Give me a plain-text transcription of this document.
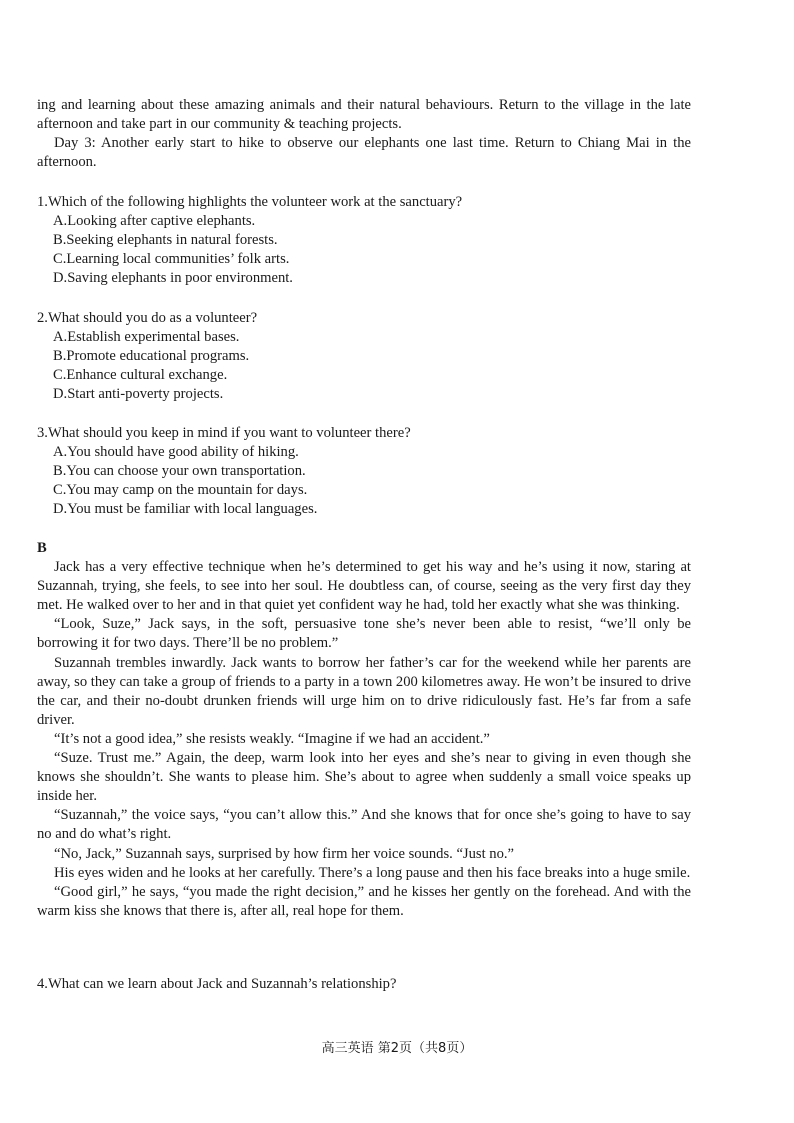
ing and learning about these amazing animals and their natural behaviours. Return to the village in the late afternoon and take part in our community & teaching projects.

Day 3: Another early start to hike to observe our elephants one last time. Return to Chiang Mai in the afternoon.

1.Which of the following highlights the volunteer work at the sanctuary?

A.Looking after captive elephants.

B.Seeking elephants in natural forests.

C.Learning local communities’ folk arts.

D.Saving elephants in poor environment.

2.What should you do as a volunteer?

A.Establish experimental bases.

B.Promote educational programs.

C.Enhance cultural exchange.

D.Start anti-poverty projects.

3.What should you keep in mind if you want to volunteer there?

A.You should have good ability of hiking.

B.You can choose your own transportation.

C.You may camp on the mountain for days.

D.You must be familiar with local languages.

B

Jack has a very effective technique when he’s determined to get his way and he’s using it now, staring at Suzannah, trying, she feels, to see into her soul. He doubtless can, of course, seeing as the very first day they met. He walked over to her and in that quiet yet confident way he had, told her exactly what she was thinking.

“Look, Suze,” Jack says, in the soft, persuasive tone she’s never been able to resist, “we’ll only be borrowing it for two days. There’ll be no problem.”

Suzannah trembles inwardly. Jack wants to borrow her father’s car for the weekend while her parents are away, so they can take a group of friends to a party in a town 200 kilometres away. He won’t be insured to drive the car, and their no-doubt drunken friends will urge him on to drive ridiculously fast. He’s far from a safe driver.

“It’s not a good idea,” she resists weakly. “Imagine if we had an accident.”

“Suze. Trust me.” Again, the deep, warm look into her eyes and she’s near to giving in even though she knows she shouldn’t. She wants to please him. She’s about to agree when suddenly a small voice speaks up inside her.

“Suzannah,” the voice says, “you can’t allow this.” And she knows that for once she’s going to have to say no and do what’s right.

“No, Jack,” Suzannah says, surprised by how firm her voice sounds. “Just no.”

His eyes widen and he looks at her carefully. There’s a long pause and then his face breaks into a huge smile.

“Good girl,” he says, “you made the right decision,” and he kisses her gently on the forehead. And with the warm kiss she knows that there is, after all, real hope for them.

4.What can we learn about Jack and Suzannah’s relationship?

高三英语 第2页（共8页）
